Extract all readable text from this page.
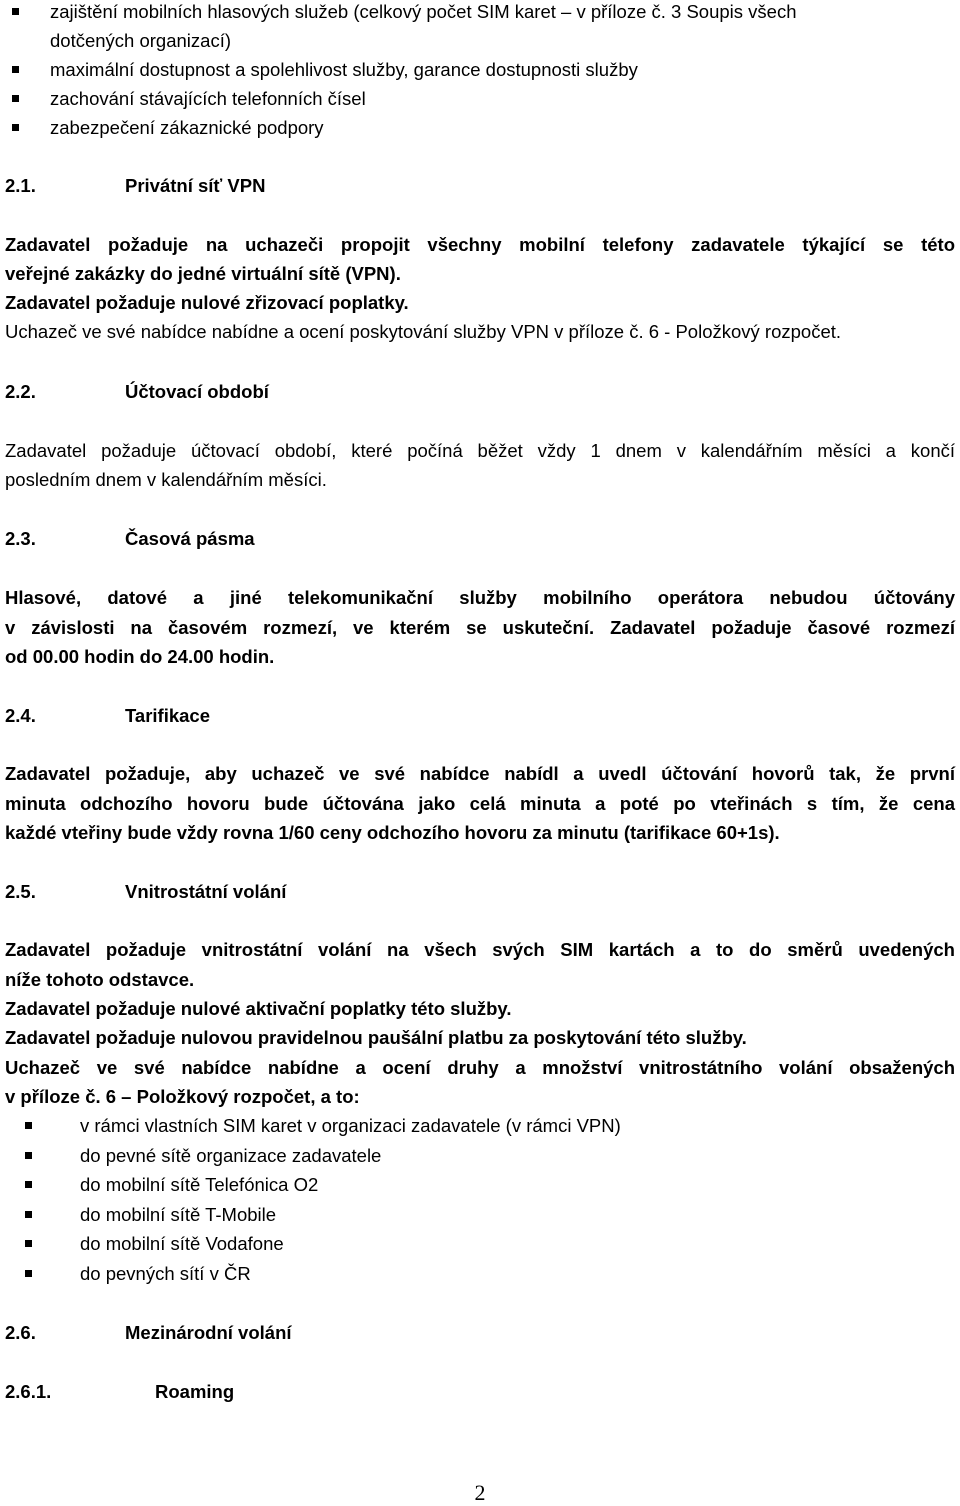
zajištění mobilních hlasových služeb (celkový počet SIM karet – v příloze č. 3 Soupis všech
dotčených organizací)
maximální dostupnost a spolehlivost služby, garance dostupnosti služby
zachování stávajících telefonních čísel
zabezpečení zákaznické podpory
2.1.	Privátní síť VPN
Zadavatel požaduje na uchazeči propojit všechny mobilní telefony zadavatele týkající se této
veřejné zakázky do jedné virtuální sítě (VPN).
Zadavatel požaduje nulové zřizovací poplatky.
Uchazeč ve své nabídce nabídne a ocení poskytování služby VPN v příloze č. 6 - Položkový rozpočet.
2.2.	Účtovací období
Zadavatel požaduje účtovací období, které počíná běžet vždy 1 dnem v kalendářním měsíci a končí
posledním dnem v kalendářním měsíci.
2.3.	Časová pásma
Hlasové, datové a jiné telekomunikační služby mobilního operátora nebudou účtovány
v závislosti na časovém rozmezí, ve kterém se uskuteční. Zadavatel požaduje časové rozmezí
od 00.00 hodin do 24.00 hodin.
2.4.	Tarifikace
Zadavatel požaduje, aby uchazeč ve své nabídce nabídl a uvedl účtování hovorů tak, že první
minuta odchozího hovoru bude účtována jako celá minuta a poté po vteřinách s tím, že cena
každé vteřiny bude vždy rovna 1/60 ceny odchozího hovoru za minutu (tarifikace 60+1s).
2.5.	Vnitrostátní volání
Zadavatel požaduje vnitrostátní volání na všech svých SIM kartách a to do směrů uvedených
níže tohoto odstavce.
Zadavatel požaduje nulové aktivační poplatky této služby.
Zadavatel požaduje nulovou pravidelnou paušální platbu za poskytování této služby.
Uchazeč ve své nabídce nabídne a ocení druhy a množství vnitrostátního volání obsažených
v příloze č. 6 – Položkový rozpočet, a to:
v rámci vlastních SIM karet v organizaci zadavatele (v rámci VPN)
do pevné sítě organizace zadavatele
do mobilní sítě Telefónica O2
do mobilní sítě T-Mobile
do mobilní sítě Vodafone
do pevných sítí v ČR
2.6.	Mezinárodní volání
2.6.1.	Roaming
2
